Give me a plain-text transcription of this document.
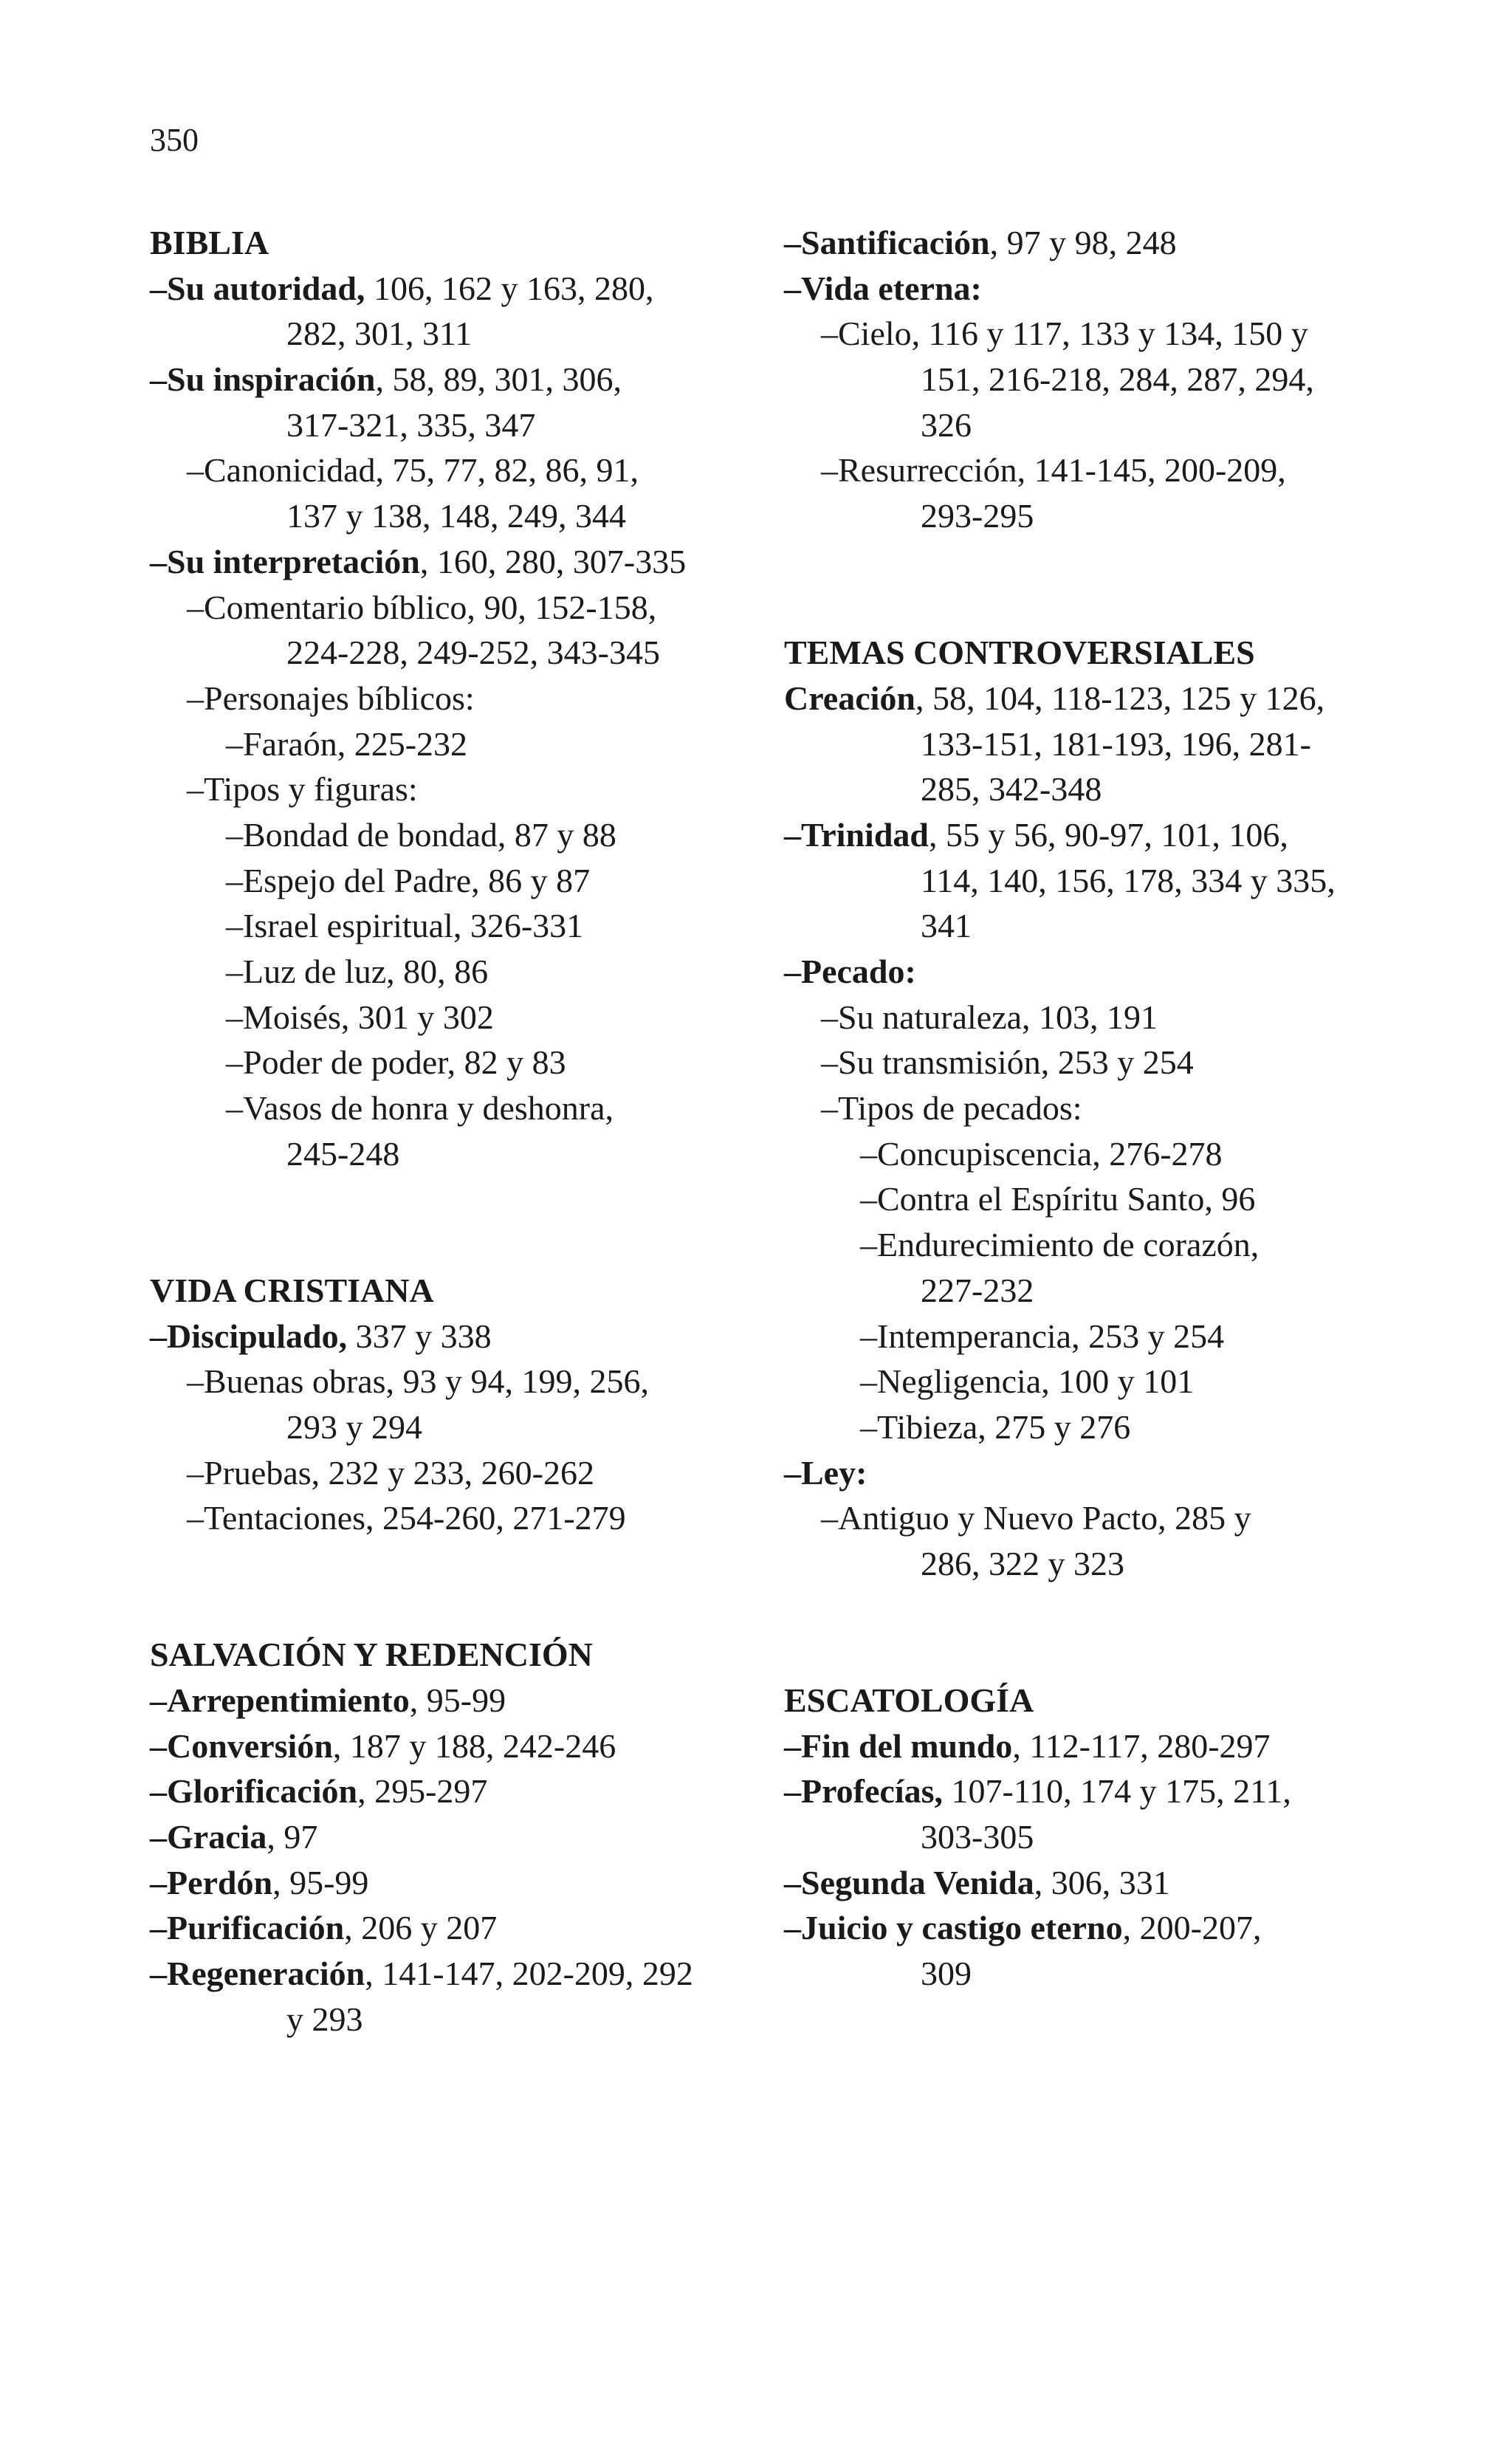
350
BIBLIA
–Su autoridad, 106, 162 y 163, 280,
282, 301, 311
–Su inspiración, 58, 89, 301, 306,
317-321, 335, 347
–Canonicidad, 75, 77, 82, 86, 91,
137 y 138, 148, 249, 344
–Su interpretación, 160, 280, 307-335
–Comentario bíblico, 90, 152-158,
224-228, 249-252, 343-345
–Personajes bíblicos:
–Faraón, 225-232
–Tipos y figuras:
–Bondad de bondad, 87 y 88
–Espejo del Padre, 86 y 87
–Israel espiritual, 326-331
–Luz de luz, 80, 86
–Moisés, 301 y 302
–Poder de poder, 82 y 83
–Vasos de honra y deshonra,
245-248
VIDA CRISTIANA
–Discipulado, 337 y 338
–Buenas obras, 93 y 94, 199, 256,
293 y 294
–Pruebas, 232 y 233, 260-262
–Tentaciones, 254-260, 271-279
SALVACIÓN Y REDENCIÓN
–Arrepentimiento, 95-99
–Conversión, 187 y 188, 242-246
–Glorificación, 295-297
–Gracia, 97
–Perdón, 95-99
–Purificación, 206 y 207
–Regeneración, 141-147, 202-209, 292
y 293
–Santificación, 97 y 98, 248
–Vida eterna:
–Cielo, 116 y 117, 133 y 134, 150 y
151, 216-218, 284, 287, 294,
326
–Resurrección, 141-145, 200-209,
293-295
TEMAS CONTROVERSIALES
Creación, 58, 104, 118-123, 125 y 126,
133-151, 181-193, 196, 281-
285, 342-348
–Trinidad, 55 y 56, 90-97, 101, 106,
114, 140, 156, 178, 334 y 335,
341
–Pecado:
–Su naturaleza, 103, 191
–Su transmisión, 253 y 254
–Tipos de pecados:
–Concupiscencia, 276-278
–Contra el Espíritu Santo, 96
–Endurecimiento de corazón,
227-232
–Intemperancia, 253 y 254
–Negligencia, 100 y 101
–Tibieza, 275 y 276
–Ley:
–Antiguo y Nuevo Pacto, 285 y
286, 322 y 323
ESCATOLOGÍA
–Fin del mundo, 112-117, 280-297
–Profecías, 107-110, 174 y 175, 211,
303-305
–Segunda Venida, 306, 331
–Juicio y castigo eterno, 200-207,
309
